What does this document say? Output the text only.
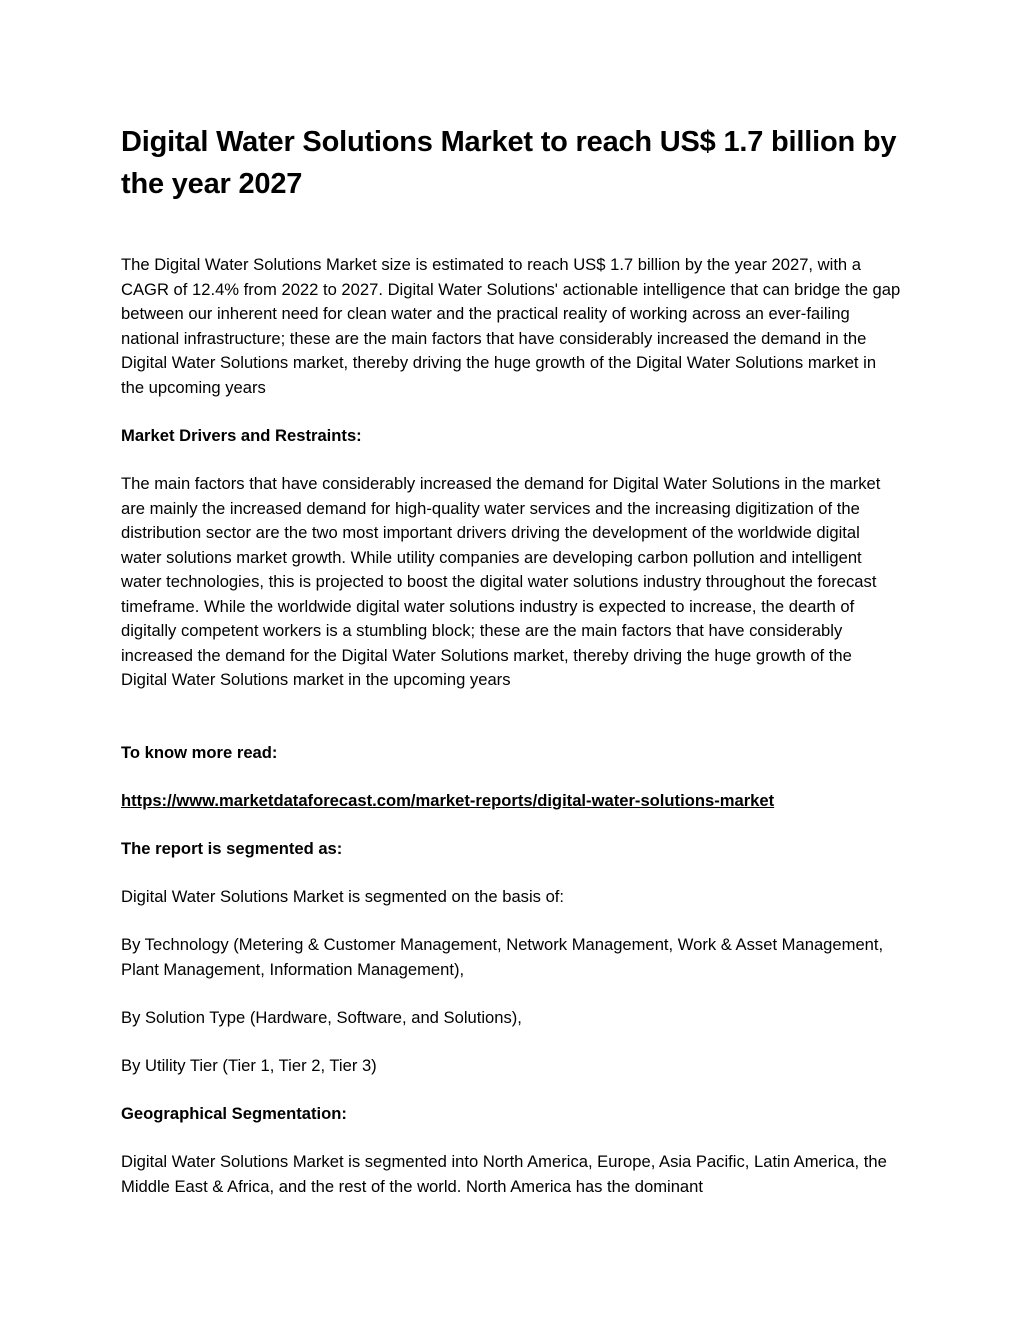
Digital Water Solutions Market to reach US$ 1.7 billion by the year 2027

The Digital Water Solutions Market size is estimated to reach US$ 1.7 billion by the year 2027, with a CAGR of 12.4% from 2022 to 2027. Digital Water Solutions' actionable intelligence that can bridge the gap between our inherent need for clean water and the practical reality of working across an ever-failing national infrastructure; these are the main factors that have considerably increased the demand in the Digital Water Solutions market, thereby driving the huge growth of the Digital Water Solutions market in the upcoming years

Market Drivers and Restraints:

The main factors that have considerably increased the demand for Digital Water Solutions in the market are mainly the increased demand for high-quality water services and the increasing digitization of the distribution sector are the two most important drivers driving the development of the worldwide digital water solutions market growth. While utility companies are developing carbon pollution and intelligent water technologies, this is projected to boost the digital water solutions industry throughout the forecast timeframe. While the worldwide digital water solutions industry is expected to increase, the dearth of digitally competent workers is a stumbling block; these are the main factors that have considerably increased the demand for the Digital Water Solutions market, thereby driving the huge growth of the Digital Water Solutions market in the upcoming years

To know more read:

https://www.marketdataforecast.com/market-reports/digital-water-solutions-market

The report is segmented as:

Digital Water Solutions Market is segmented on the basis of:

By Technology (Metering & Customer Management, Network Management, Work & Asset Management, Plant Management, Information Management),

By Solution Type (Hardware, Software, and Solutions),

By Utility Tier (Tier 1, Tier 2, Tier 3)

Geographical Segmentation:

Digital Water Solutions Market is segmented into North America, Europe, Asia Pacific, Latin America, the Middle East & Africa, and the rest of the world. North America has the dominant
